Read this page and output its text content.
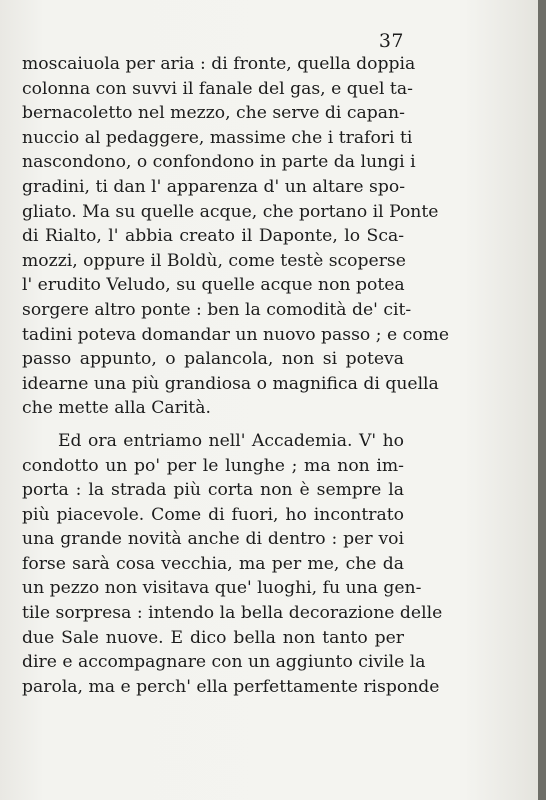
37
moscaiuola per aria : di fronte, quella doppia
colonna con suvvi il fanale del gas, e quel ta-
bernacoletto nel mezzo, che serve di capan-
nuccio al pedaggere, massime che i trafori ti
nascondono, o confondono in parte da lungi i
gradini, ti dan l' apparenza d' un altare spo-
gliato. Ma su quelle acque, che portano il Ponte
di Rialto, l' abbia creato il Daponte, lo Sca-
mozzi, oppure il Boldù, come testè scoperse
l' erudito Veludo, su quelle acque non potea
sorgere altro ponte : ben la comodità de' cit-
tadini poteva domandar un nuovo passo ; e come
passo appunto, o palancola, non si poteva
idearne una più grandiosa o magnifica di quella
che mette alla Carità.
Ed ora entriamo nell' Accademia. V' ho
condotto un po' per le lunghe ; ma non im-
porta : la strada più corta non è sempre la
più piacevole. Come di fuori, ho incontrato
una grande novità anche di dentro : per voi
forse sarà cosa vecchia, ma per me, che da
un pezzo non visitava que' luoghi, fu una gen-
tile sorpresa : intendo la bella decorazione delle
due Sale nuove. E dico bella non tanto per
dire e accompagnare con un aggiunto civile la
parola, ma e perch' ella perfettamente risponde
